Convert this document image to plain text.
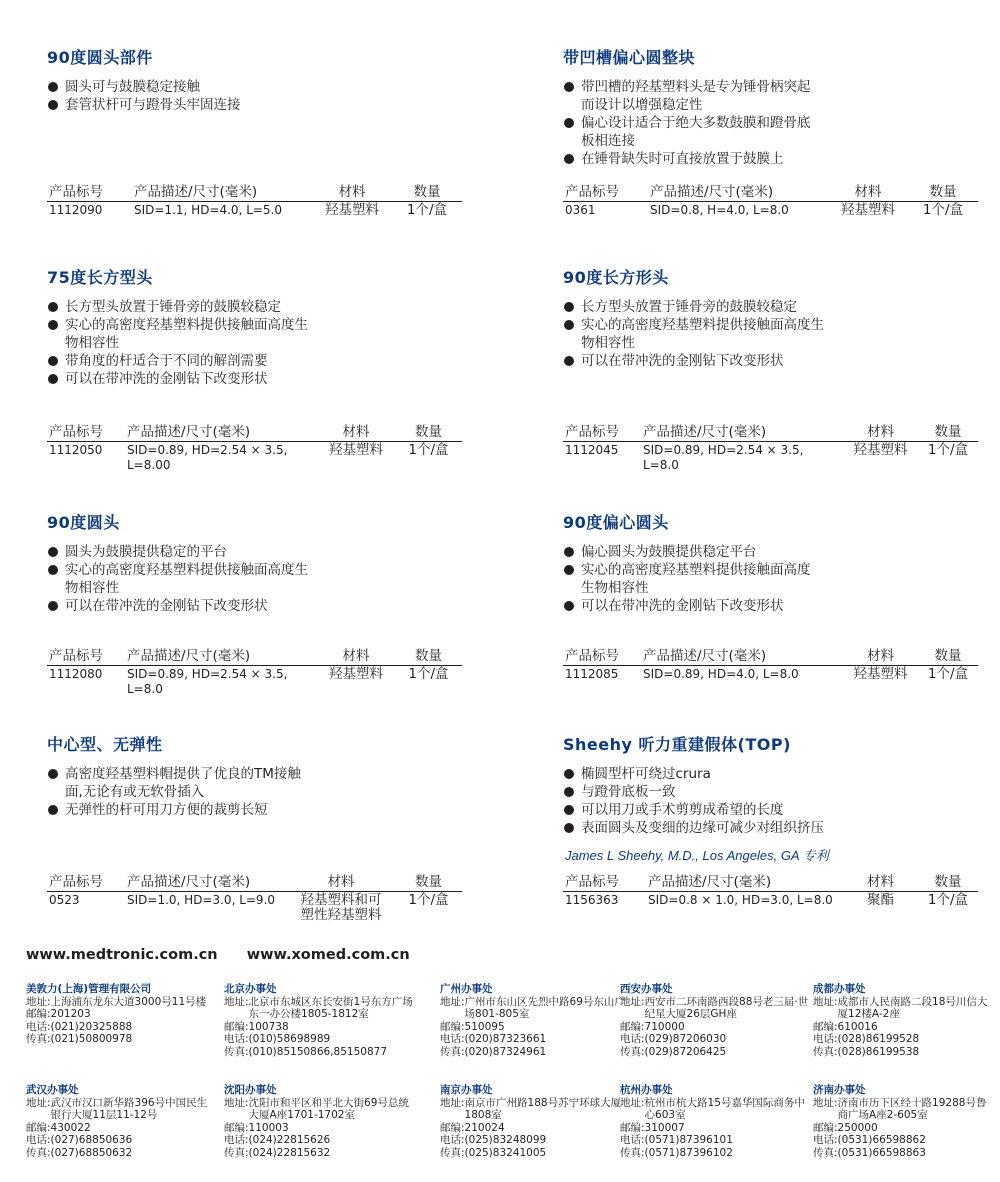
90度圆头部件
圆头可与鼓膜稳定接触
套管状杆可与蹬骨头牢固连接
产品标号	产品描述/尺寸(毫米)	材料	数量
1112090	SID=1.1, HD=4.0, L=5.0	羟基塑料	1个/盒
带凹槽偏心圆整块
带凹槽的羟基塑料头是专为锤骨柄突起而设计以增强稳定性
偏心设计适合于绝大多数鼓膜和蹬骨底板相连接
在锤骨缺失时可直接放置于鼓膜上
产品标号	产品描述/尺寸(毫米)	材料	数量
0361	SID=0.8, H=4.0, L=8.0	羟基塑料	1个/盒
75度长方型头
长方型头放置于锤骨旁的鼓膜较稳定
实心的高密度羟基塑料提供接触面高度生物相容性
带角度的杆适合于不同的解剖需要
可以在带冲洗的金刚钻下改变形状
产品标号	产品描述/尺寸(毫米)	材料	数量
1112050	SID=0.89, HD=2.54 × 3.5, L=8.00	羟基塑料	1个/盒
90度长方形头
长方型头放置于锤骨旁的鼓膜较稳定
实心的高密度羟基塑料提供接触面高度生物相容性
可以在带冲洗的金刚钻下改变形状
产品标号	产品描述/尺寸(毫米)	材料	数量
1112045	SID=0.89, HD=2.54 × 3.5, L=8.0	羟基塑料	1个/盒
90度圆头
圆头为鼓膜提供稳定的平台
实心的高密度羟基塑料提供接触面高度生物相容性
可以在带冲洗的金刚钻下改变形状
产品标号	产品描述/尺寸(毫米)	材料	数量
1112080	SID=0.89, HD=2.54 × 3.5, L=8.0	羟基塑料	1个/盒
90度偏心圆头
偏心圆头为鼓膜提供稳定平台
实心的高密度羟基塑料提供接触面高度生物相容性
可以在带冲洗的金刚钻下改变形状
产品标号	产品描述/尺寸(毫米)	材料	数量
1112085	SID=0.89, HD=4.0, L=8.0	羟基塑料	1个/盒
中心型、无弹性
高密度羟基塑料帽提供了优良的TM接触面,无论有或无软骨插入
无弹性的杆可用刀方便的裁剪长短
产品标号	产品描述/尺寸(毫米)	材料	数量
0523	SID=1.0, HD=3.0, L=9.0	羟基塑料和可塑性羟基塑料	1个/盒
Sheehy 听力重建假体(TOP)
椭圆型杆可绕过crura
与蹬骨底板一致
可以用刀或手术剪剪成希望的长度
表面圆头及变细的边缘可减少对组织挤压
James L Sheehy, M.D., Los Angeles, GA 专利
产品标号	产品描述/尺寸(毫米)	材料	数量
1156363	SID=0.8 × 1.0, HD=3.0, L=8.0	聚酯	1个/盒
www.medtronic.com.cn www.xomed.com.cn
美敦力(上海)管理有限公司
地址: 上海浦东龙东大道3000号11号楼
邮编: 201203
电话: (021)20325888
传真: (021)50800978
北京办事处
地址: 北京市东城区东长安街1号东方广场东一办公楼1805-1812室
邮编: 100738
电话: (010)58698989
传真: (010)85150866,85150877
广州办事处
地址: 广州市东山区先烈中路69号东山广场801-805室
邮编: 510095
电话: (020)87323661
传真: (020)87324961
西安办事处
地址: 西安市二环南路西段88号老三届·世纪星大厦26层GH座
邮编: 710000
电话: (029)87206030
传真: (029)87206425
成都办事处
地址: 成都市人民南路二段18号川信大厦12楼A-2座
邮编: 610016
电话: (028)86199528
传真: (028)86199538
武汉办事处
地址: 武汉市汉口新华路396号中国民生银行大厦11层11-12号
邮编: 430022
电话: (027)68850636
传真: (027)68850632
沈阳办事处
地址: 沈阳市和平区和平北大街69号总统大厦A座1701-1702室
邮编: 110003
电话: (024)22815626
传真: (024)22815632
南京办事处
地址: 南京市广州路188号苏宁环球大厦1808室
邮编: 210024
电话: (025)83248099
传真: (025)83241005
杭州办事处
地址: 杭州市杭大路15号嘉华国际商务中心603室
邮编: 310007
电话: (0571)87396101
传真: (0571)87396102
济南办事处
地址: 济南市历下区经十路19288号鲁商广场A座2-605室
邮编: 250000
电话: (0531)66598862
传真: (0531)66598863
